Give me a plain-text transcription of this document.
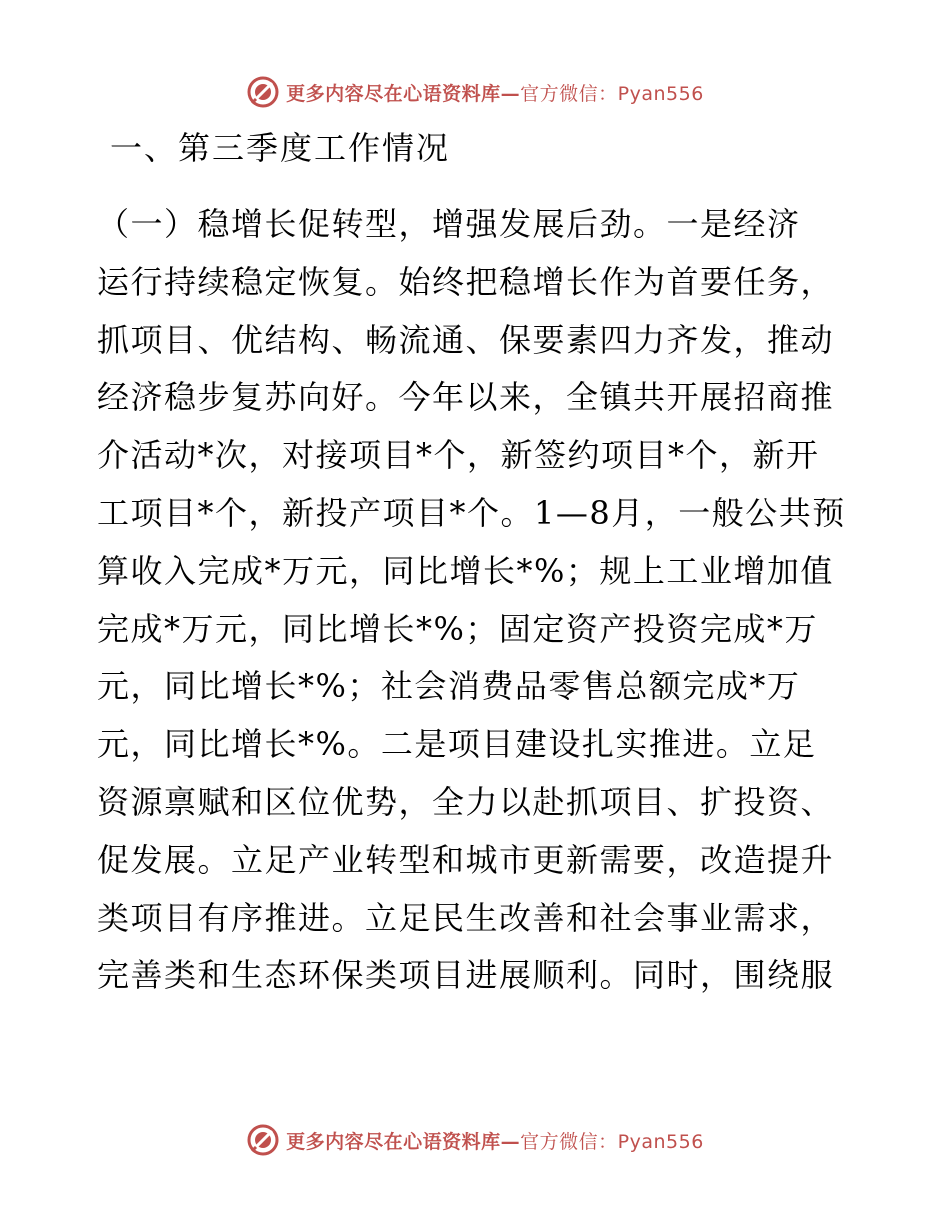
更多内容尽在心语资料库—官方微信：Pyan556
一、第三季度工作情况
（一）稳增长促转型，增强发展后劲。一是经济
运行持续稳定恢复。始终把稳增长作为首要任务，
抓项目、优结构、畅流通、保要素四力齐发，推动
经济稳步复苏向好。今年以来，全镇共开展招商推
介活动*次，对接项目*个，新签约项目*个，新开
工项目*个，新投产项目*个。1—8月，一般公共预
算收入完成*万元，同比增长*%；规上工业增加值
完成*万元，同比增长*%；固定资产投资完成*万
元，同比增长*%；社会消费品零售总额完成*万
元，同比增长*%。二是项目建设扎实推进。立足
资源禀赋和区位优势，全力以赴抓项目、扩投资、
促发展。立足产业转型和城市更新需要，改造提升
类项目有序推进。立足民生改善和社会事业需求，
完善类和生态环保类项目进展顺利。同时，围绕服
更多内容尽在心语资料库—官方微信：Pyan556
